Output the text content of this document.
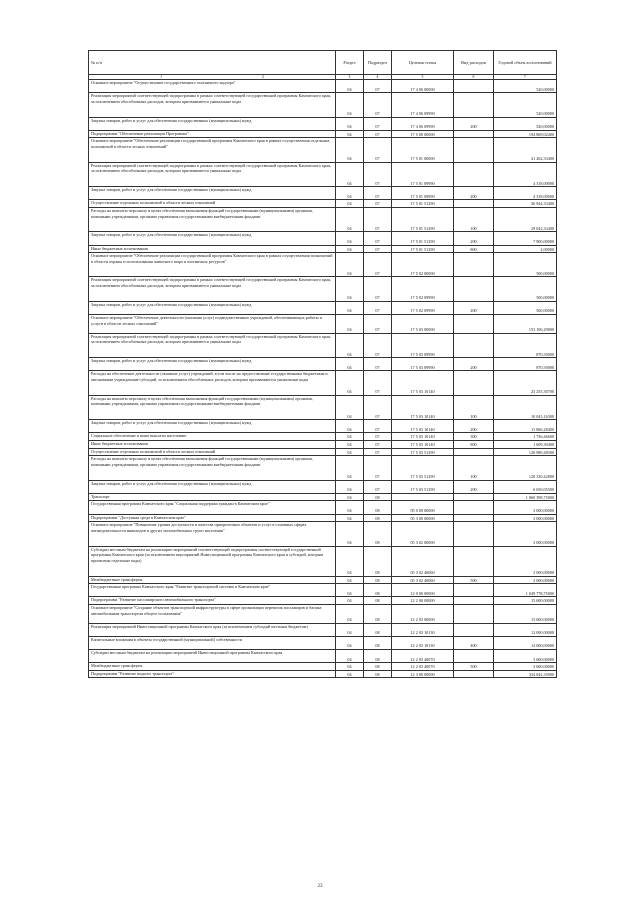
№ п/п	Раздел	Подраздел	Целевая статья	Вид расходов	Годовой объем ассигнований
1 2	3	4	5	6	7
Основное мероприятие "Осуществление государственного охотничьего надзора"	04	07	17 4 06 00000		520,00000
Реализация мероприятий соответствующей подпрограммы в рамках соответствующей государственной программы Камчатского края, за исключением обособленных расходов, которым присваиваются уникальные коды	04	07	17 4 06 09990		520,00000
Закупка товаров, работ и услуг для обеспечения государственных (муниципальных) нужд	04	07	17 4 06 09990	200	520,00000
Подпрограмма "Обеспечение реализации Программы"	04	07	17 5 00 00000		194 869,02400
Основное мероприятие "Обеспечение реализации государственной программы Камчатского края в рамках осуществления отдельных полномочий в области лесных отношений"	04	07	17 5 01 00000		41 262,33400
Реализация мероприятий соответствующей подпрограммы в рамках соответствующей государственной программы Камчатского края, за исключением обособленных расходов, которым присваиваются уникальные коды	04	07	17 5 01 09990		4 318,00000
Закупка товаров, работ и услуг для обеспечения государственных (муниципальных) нужд	04	07	17 5 01 09990	200	4 318,00000
Осуществление отдельных полномочий в области лесных отношений	04	07	17 5 01 51290		36 944,33400
Расходы на выплаты персоналу в целях обеспечения выполнения функций государственными (муниципальными) органами, казенными учреждениями, органами управления государственными внебюджетными фондами	04	07	17 5 01 51290	100	29 042,33400
Закупка товаров, работ и услуг для обеспечения государственных (муниципальных) нужд	04	07	17 5 01 51290	200	7 900,00000
Иные бюджетные ассигнования	04	07	17 5 01 51290	800	2,00000
Основное мероприятие "Обеспечение реализации государственной программы Камчатского края в рамках осуществления полномочий в области охраны и использования животного мира и охотничьих ресурсов"	04	07	17 5 02 00000		500,00000
Реализация мероприятий соответствующей подпрограммы в рамках соответствующей государственной программы Камчатского края, за исключением обособленных расходов, которым присваиваются уникальные коды	04	07	17 5 02 09990		500,00000
Закупка товаров, работ и услуг для обеспечения государственных (муниципальных) нужд	04	07	17 5 02 09990	200	500,00000
Основное мероприятие "Обеспечение деятельности (оказания услуг) подведомственных учреждений, обеспечивающих работы и услуги в области лесных отношений"	04	07	17 5 03 00000		153 106,29000
Реализация мероприятий соответствующей подпрограммы в рамках соответствующей государственной программы Камчатского края, за исключением обособленных расходов, которым присваиваются уникальные коды	04	07	17 5 03 09990		870,50000
Закупка товаров, работ и услуг для обеспечения государственных (муниципальных) нужд	04	07	17 5 03 09990	200	870,50000
Расходы на обеспечение деятельности (оказание услуг) учреждений, в том числе на предоставление государственным бюджетным и автономным учреждениям субсидий, за исключением обособленных расходов, которым присваиваются уникальные коды	04	07	17 5 03 10140		25 255,30700
Расходы на выплаты персоналу в целях обеспечения выполнения функций государственными (муниципальными) органами, казенными учреждениями, органами управления государственными внебюджетными фондами	04	07	17 5 03 10140	100	10 043,16300
Закупка товаров, работ и услуг для обеспечения государственных (муниципальных) нужд	04	07	17 5 03 10140	200	11 866,28400
Социальное обеспечение и иные выплаты населению	04	07	17 5 03 10140	300	1 736,46600
Иные бюджетные ассигнования	04	07	17 5 03 10140	800	1 609,39400
Осуществление отдельных полномочий в области лесных отношений	04	07	17 5 03 51290		126 980,48300
Расходы на выплаты персоналу в целях обеспечения выполнения функций государственными (муниципальными) органами, казенными учреждениями, органами управления государственными внебюджетными фондами	04	07	17 5 03 51290	100	120 330,42800
Закупка товаров, работ и услуг для обеспечения государственных (муниципальных) нужд	04	07	17 5 03 51290	200	6 650,05500
Транспорт	04	08			1 060 398,75000
Государственная программа Камчатского края "Социальная поддержка граждан в Камчатском крае"	04	08	05 0 00 00000		3 000,00000
Подпрограмма "Доступная среда в Камчатском крае"	04	08	05 3 00 00000		3 000,00000
Основное мероприятие "Повышение уровня доступности и качества приоритетных объектов и услуг в основных сферах жизнедеятельности инвалидов и других маломобильных групп населения"	04	08	05 3 02 00000		3 000,00000
Субсидии местным бюджетам на реализацию мероприятий соответствующей подпрограммы соответствующей государственной программы Камчатского края (за исключением мероприятий Инвестиционной программы Камчатского края и субсидий, которым присвоены отдельные коды)	04	08	05 3 02 40060		3 000,00000
Межбюджетные трансферты	04	08	05 3 02 40060	500	3 000,00000
Государственная программа Камчатского края "Развитие транспортной системы в Камчатском крае"	04	08	12 0 00 00000		1 049 778,75000
Подпрограмма "Развитие пассажирского автомобильного транспорта"	04	08	12 2 00 00000		15 600,00000
Основное мероприятие "Создание объектов транспортной инфраструктуры в сфере организации перевозок пассажиров и багажа автомобильным транспортом общего пользования"	04	08	12 2 03 00000		15 600,00000
Реализация мероприятий Инвестиционной программы Камчатского края (за исключением субсидий местным бюджетам)	04	08	12 2 03 10130		12 000,00000
Капитальные вложения в объекты государственной (муниципальной) собственности	04	08	12 2 03 10130	400	12 000,00000
Субсидии местным бюджетам на реализацию мероприятий Инвестиционной программы Камчатского края	04	08	12 2 03 40070		3 600,00000
Межбюджетные трансферты	04	08	12 2 03 40070	500	3 600,00000
Подпрограмма "Развитие водного транспорта"	04	08	12 3 00 00000		334 042,35000
23
